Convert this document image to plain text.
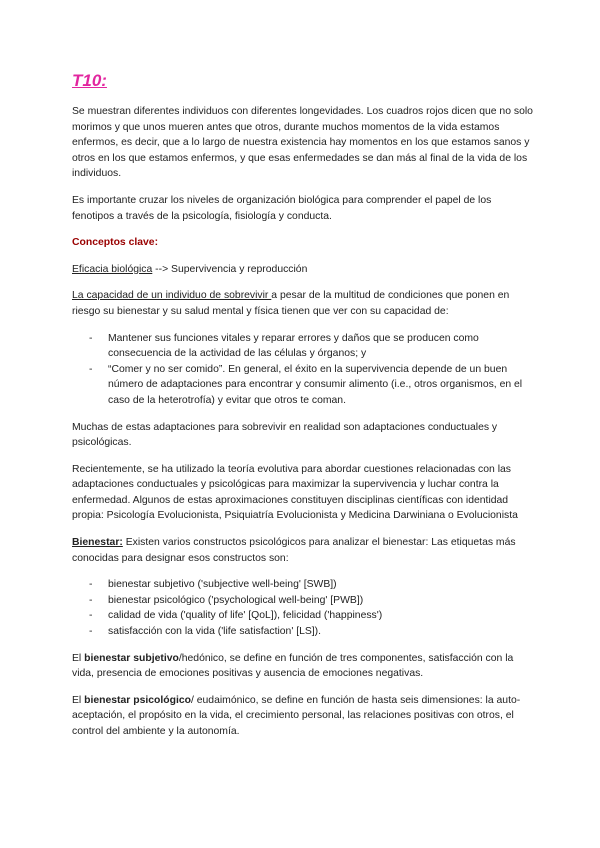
T10:

Se muestran diferentes individuos con diferentes longevidades. Los cuadros rojos dicen que no solo morimos y que unos mueren antes que otros, durante muchos momentos de la vida estamos enfermos, es decir, que a lo largo de nuestra existencia hay momentos en los que estamos sanos y otros en los que estamos enfermos, y que esas enfermedades se dan más al final de la vida de los individuos.

Es importante cruzar los niveles de organización biológica para comprender el papel de los fenotipos a través de la psicología, fisiología y conducta.

Conceptos clave:

Eficacia biológica --> Supervivencia y reproducción

La capacidad de un individuo de sobrevivir a pesar de la multitud de condiciones que ponen en riesgo su bienestar y su salud mental y física tienen que ver con su capacidad de:

- Mantener sus funciones vitales y reparar errores y daños que se producen como consecuencia de la actividad de las células y órganos; y
- “Comer y no ser comido”. En general, el éxito en la supervivencia depende de un buen número de adaptaciones para encontrar y consumir alimento (i.e., otros organismos, en el caso de la heterotrofía) y evitar que otros te coman.

Muchas de estas adaptaciones para sobrevivir en realidad son adaptaciones conductuales y psicológicas.

Recientemente, se ha utilizado la teoría evolutiva para abordar cuestiones relacionadas con las adaptaciones conductuales y psicológicas para maximizar la supervivencia y luchar contra la enfermedad. Algunos de estas aproximaciones constituyen disciplinas científicas con identidad propia: Psicología Evolucionista, Psiquiatría Evolucionista y Medicina Darwiniana o Evolucionista

Bienestar: Existen varios constructos psicológicos para analizar el bienestar: Las etiquetas más conocidas para designar esos constructos son:

- bienestar subjetivo ('subjective well-being' [SWB])
- bienestar psicológico ('psychological well-being' [PWB])
- calidad de vida ('quality of life' [QoL]), felicidad ('happiness')
- satisfacción con la vida ('life satisfaction' [LS]).

El bienestar subjetivo/hedónico, se define en función de tres componentes, satisfacción con la vida, presencia de emociones positivas y ausencia de emociones negativas.

El bienestar psicológico/ eudaimónico, se define en función de hasta seis dimensiones: la auto-aceptación, el propósito en la vida, el crecimiento personal, las relaciones positivas con otros, el control del ambiente y la autonomía.
